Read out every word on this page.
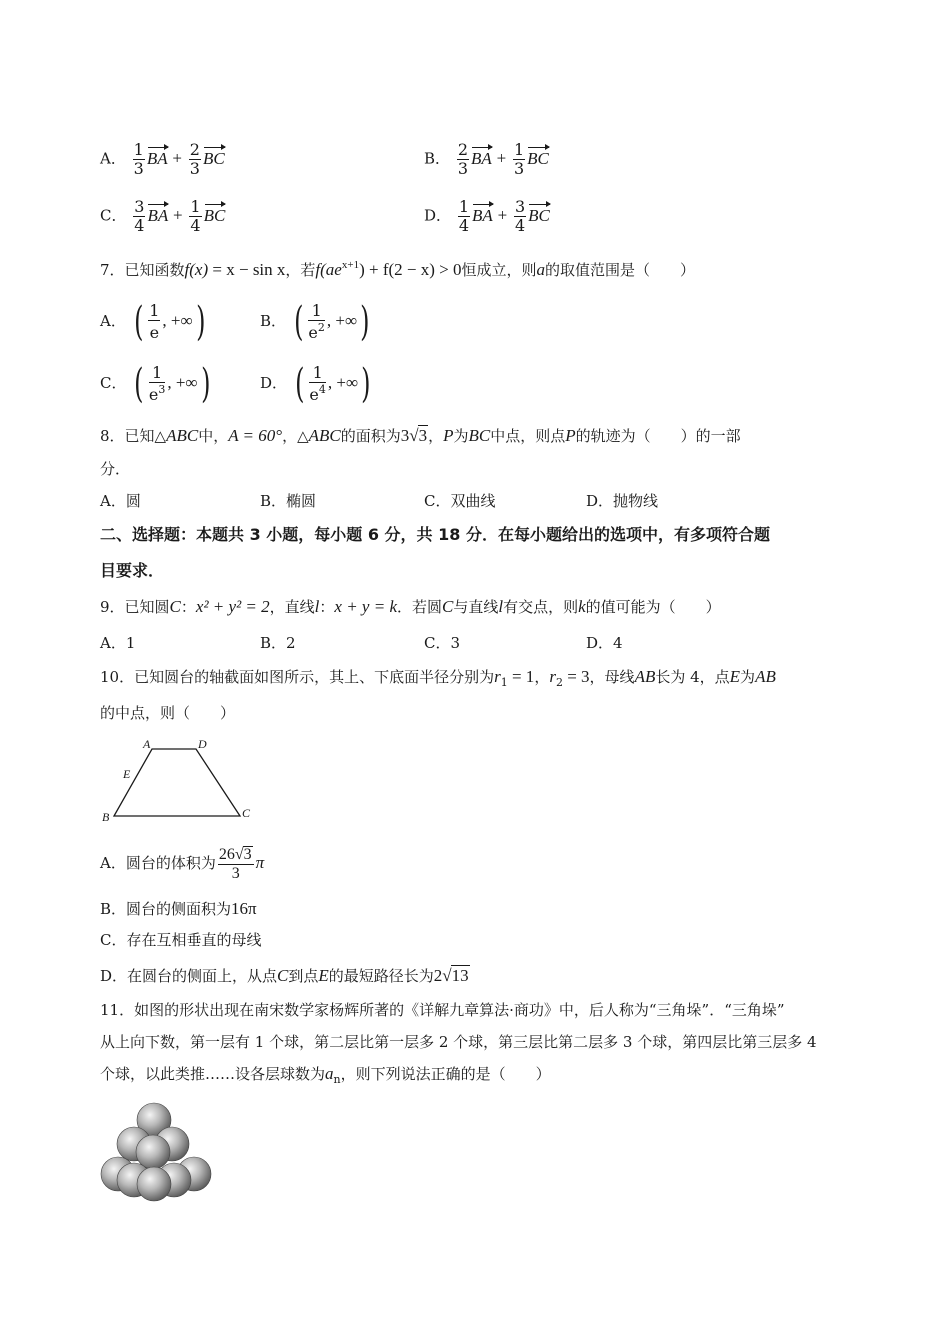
A． $\frac{1}{3}$ BA + $\frac{2}{3}$ BC	B． $\frac{2}{3}$ BA + $\frac{1}{3}$ BC
C． $\frac{3}{4}$ BA + $\frac{1}{4}$ BC	D． $\frac{1}{4}$ BA + $\frac{3}{4}$ BC
7．已知函数f(x) = x − sin x，若$f(ae^{x+1}) + f(2 - x) > 0$恒成立，则a的取值范围是（　　）
A． ( $\frac{1}{e}$ , +∞)	B． ( $\frac{1}{e^2}$ , +∞)
C． ( $\frac{1}{e^3}$ , +∞)	D． ( $\frac{1}{e^4}$ , +∞)
8．已知△ABC中，A = 60°，△ABC的面积为3√3，P为BC中点，则点P的轨迹为（　　）的一部
分．
A．圆	B．椭圆	C．双曲线	D．抛物线
二、选择题：本题共 3 小题，每小题 6 分，共 18 分．在每小题给出的选项中，有多项符合题
目要求．
9．已知圆C：x² + y² = 2，直线l：x + y = k．若圆C与直线l有交点，则k的值可能为（　　）
A．1	B．2	C．3	D．4
10．已知圆台的轴截面如图所示，其上、下底面半径分别为$r_1 = 1$，$r_2 = 3$，母线AB长为 4，点E为AB
的中点，则（　　）
A	D
E
B	C
A．圆台的体积为 $\frac{26√3}{3}$ π
B．圆台的侧面积为16π
C．存在互相垂直的母线
D．在圆台的侧面上，从点C到点E的最短路径长为2√13
11．如图的形状出现在南宋数学家杨辉所著的《详解九章算法·商功》中，后人称为“三角垛”．“三角垛”
从上向下数，第一层有 1 个球，第二层比第一层多 2 个球，第三层比第二层多 3 个球，第四层比第三层多 4
个球，以此类推……设各层球数为$a_n$，则下列说法正确的是（　　）
